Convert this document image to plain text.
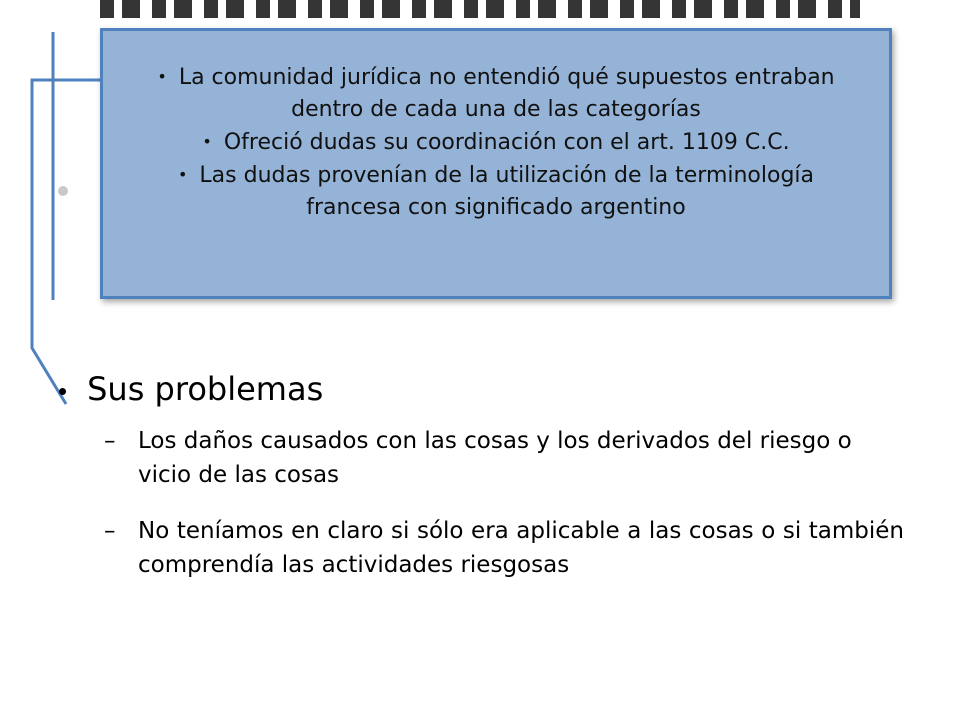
• La comunidad jurídica no entendió qué supuestos entraban dentro de cada una de las categorías
• Ofreció dudas su coordinación con el art. 1109 C.C.
• Las dudas provenían de la utilización de la terminología francesa con significado argentino
• Sus problemas
– Los daños causados con las cosas y los derivados del riesgo o vicio de las cosas
– No teníamos en claro si sólo era aplicable a las cosas o si también comprendía las actividades riesgosas
